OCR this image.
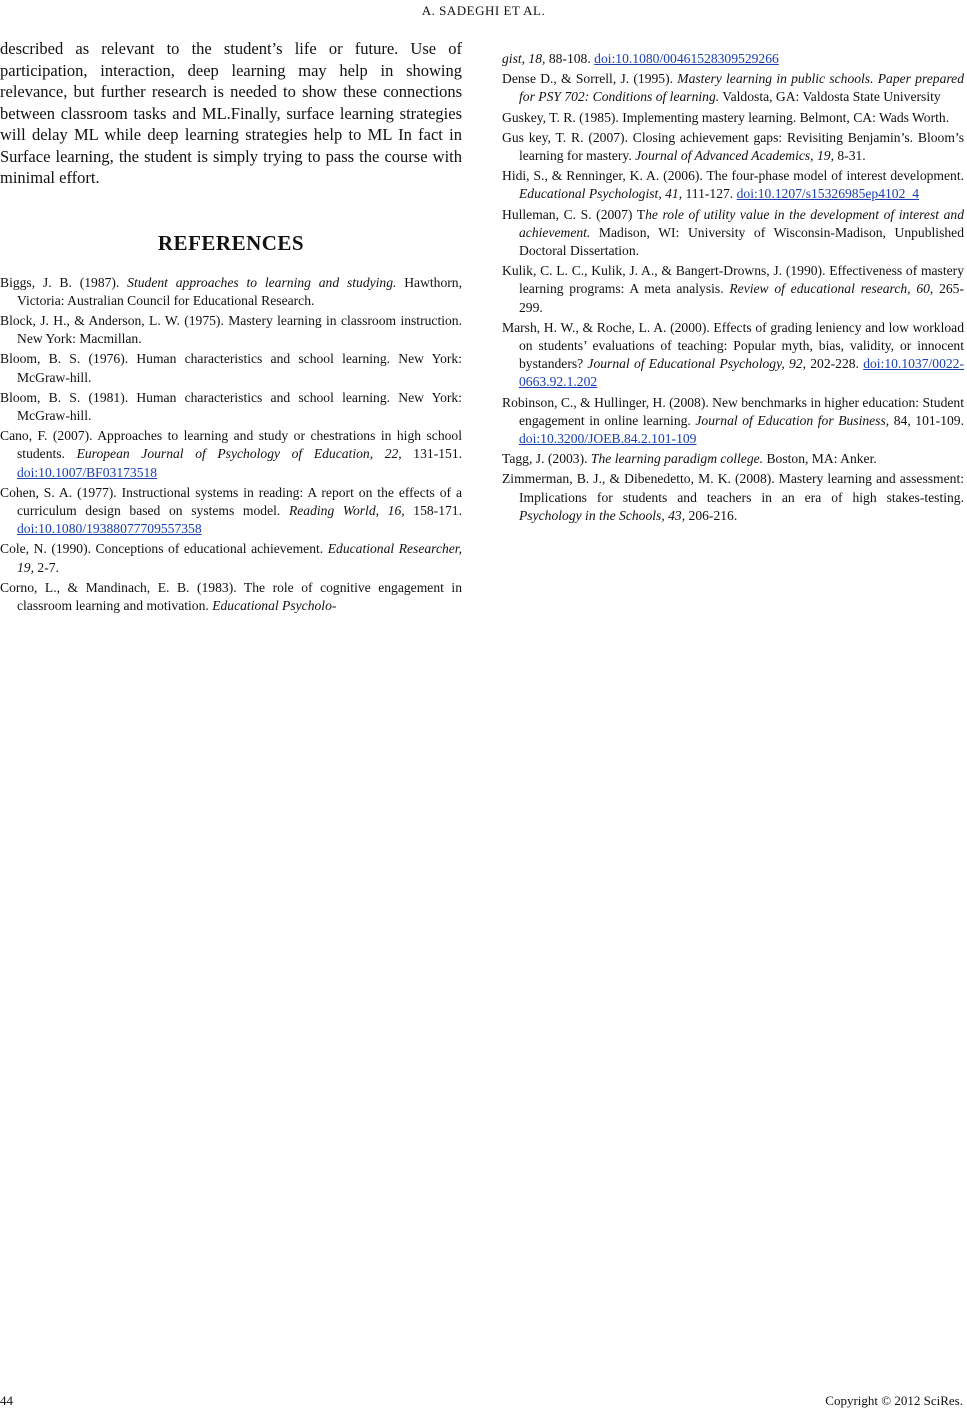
A. SADEGHI ET AL.

described as relevant to the student’s life or future. Use of participation, interaction, deep learning may help in showing relevance, but further research is needed to show these connections between classroom tasks and ML.Finally, surface learning strategies will delay ML while deep learning strategies help to ML In fact in Surface learning, the student is simply trying to pass the course with minimal effort.

REFERENCES

Biggs, J. B. (1987). Student approaches to learning and studying. Hawthorn, Victoria: Australian Council for Educational Research.

Block, J. H., & Anderson, L. W. (1975). Mastery learning in classroom instruction. New York: Macmillan.

Bloom, B. S. (1976). Human characteristics and school learning. New York: McGraw-hill.

Bloom, B. S. (1981). Human characteristics and school learning. New York: McGraw-hill.

Cano, F. (2007). Approaches to learning and study or chestrations in high school students. European Journal of Psychology of Education, 22, 131-151. doi:10.1007/BF03173518

Cohen, S. A. (1977). Instructional systems in reading: A report on the effects of a curriculum design based on systems model. Reading World, 16, 158-171. doi:10.1080/19388077709557358

Cole, N. (1990). Conceptions of educational achievement. Educational Researcher, 19, 2-7.

Corno, L., & Mandinach, E. B. (1983). The role of cognitive engagement in classroom learning and motivation. Educational Psycholo-

gist, 18, 88-108. doi:10.1080/00461528309529266

Dense D., & Sorrell, J. (1995). Mastery learning in public schools. Paper prepared for PSY 702: Conditions of learning. Valdosta, GA: Valdosta State University

Guskey, T. R. (1985). Implementing mastery learning. Belmont, CA: Wads Worth.

Gus key, T. R. (2007). Closing achievement gaps: Revisiting Benjamin’s. Bloom’s learning for mastery. Journal of Advanced Academics, 19, 8-31.

Hidi, S., & Renninger, K. A. (2006). The four-phase model of interest development. Educational Psychologist, 41, 111-127. doi:10.1207/s15326985ep4102_4

Hulleman, C. S. (2007) The role of utility value in the development of interest and achievement. Madison, WI: University of Wisconsin-Madison, Unpublished Doctoral Dissertation.

Kulik, C. L. C., Kulik, J. A., & Bangert-Drowns, J. (1990). Effectiveness of mastery learning programs: A meta analysis. Review of educational research, 60, 265-299.

Marsh, H. W., & Roche, L. A. (2000). Effects of grading leniency and low workload on students’ evaluations of teaching: Popular myth, bias, validity, or innocent bystanders? Journal of Educational Psychology, 92, 202-228. doi:10.1037/0022-0663.92.1.202

Robinson, C., & Hullinger, H. (2008). New benchmarks in higher education: Student engagement in online learning. Journal of Education for Business, 84, 101-109. doi:10.3200/JOEB.84.2.101-109

Tagg, J. (2003). The learning paradigm college. Boston, MA: Anker.

Zimmerman, B. J., & Dibenedetto, M. K. (2008). Mastery learning and assessment: Implications for students and teachers in an era of high stakes-testing. Psychology in the Schools, 43, 206-216.

44	Copyright © 2012 SciRes.
